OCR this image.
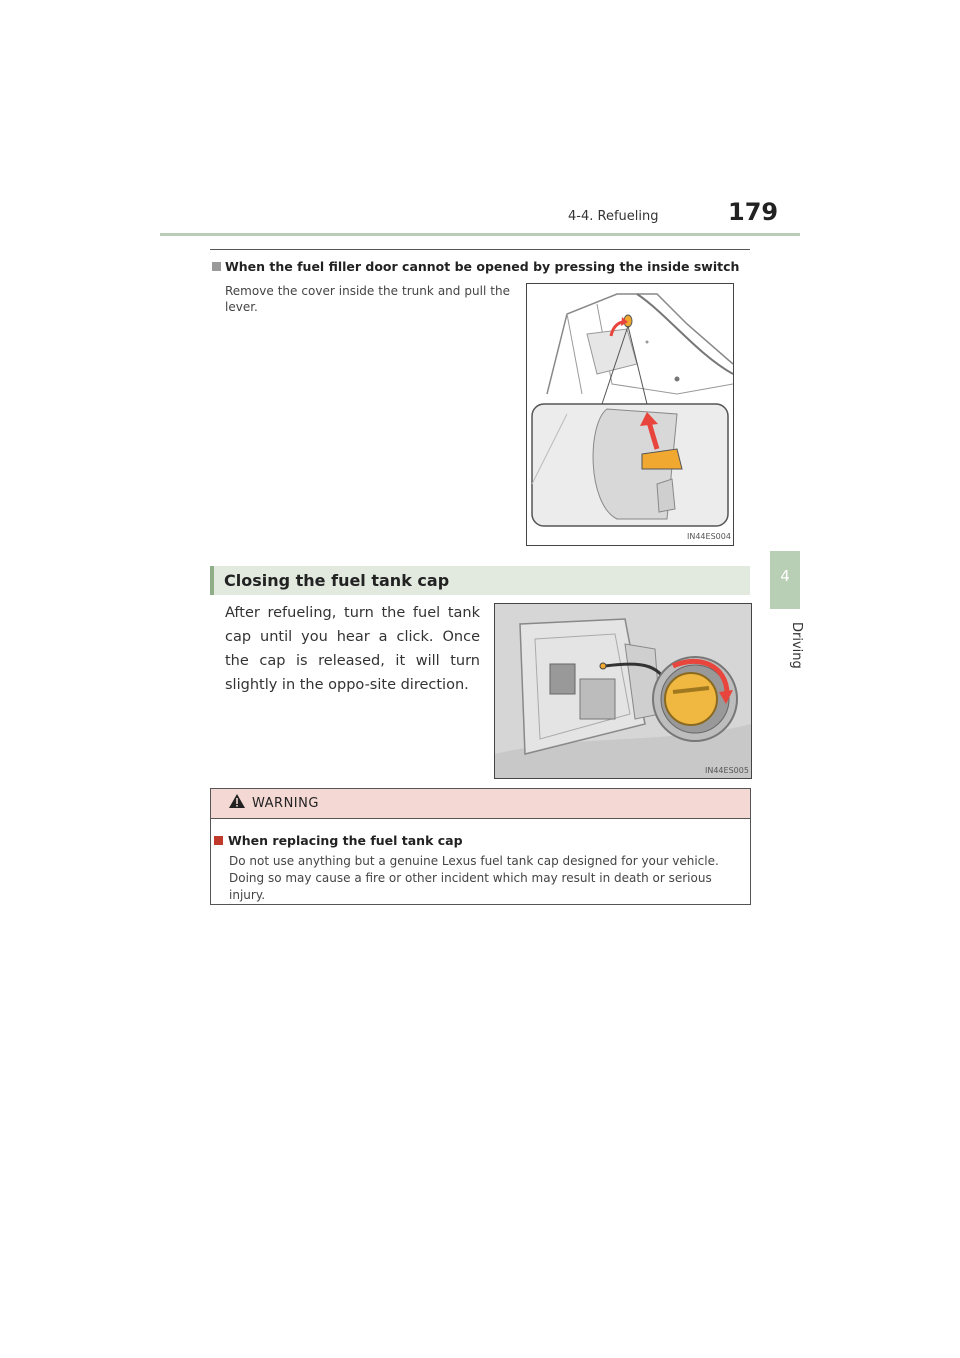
4-4. Refueling	179
4
Driving
When the fuel filler door cannot be opened by pressing the inside switch
Remove the cover inside the trunk and pull the lever.
IN44ES004
Closing the fuel tank cap
After refueling, turn the fuel tank cap until you hear a click. Once the cap is released, it will turn slightly in the oppo-site direction.
IN44ES005
WARNING
When replacing the fuel tank cap
Do not use anything but a genuine Lexus fuel tank cap designed for your vehicle. Doing so may cause a fire or other incident which may result in death or serious injury.
